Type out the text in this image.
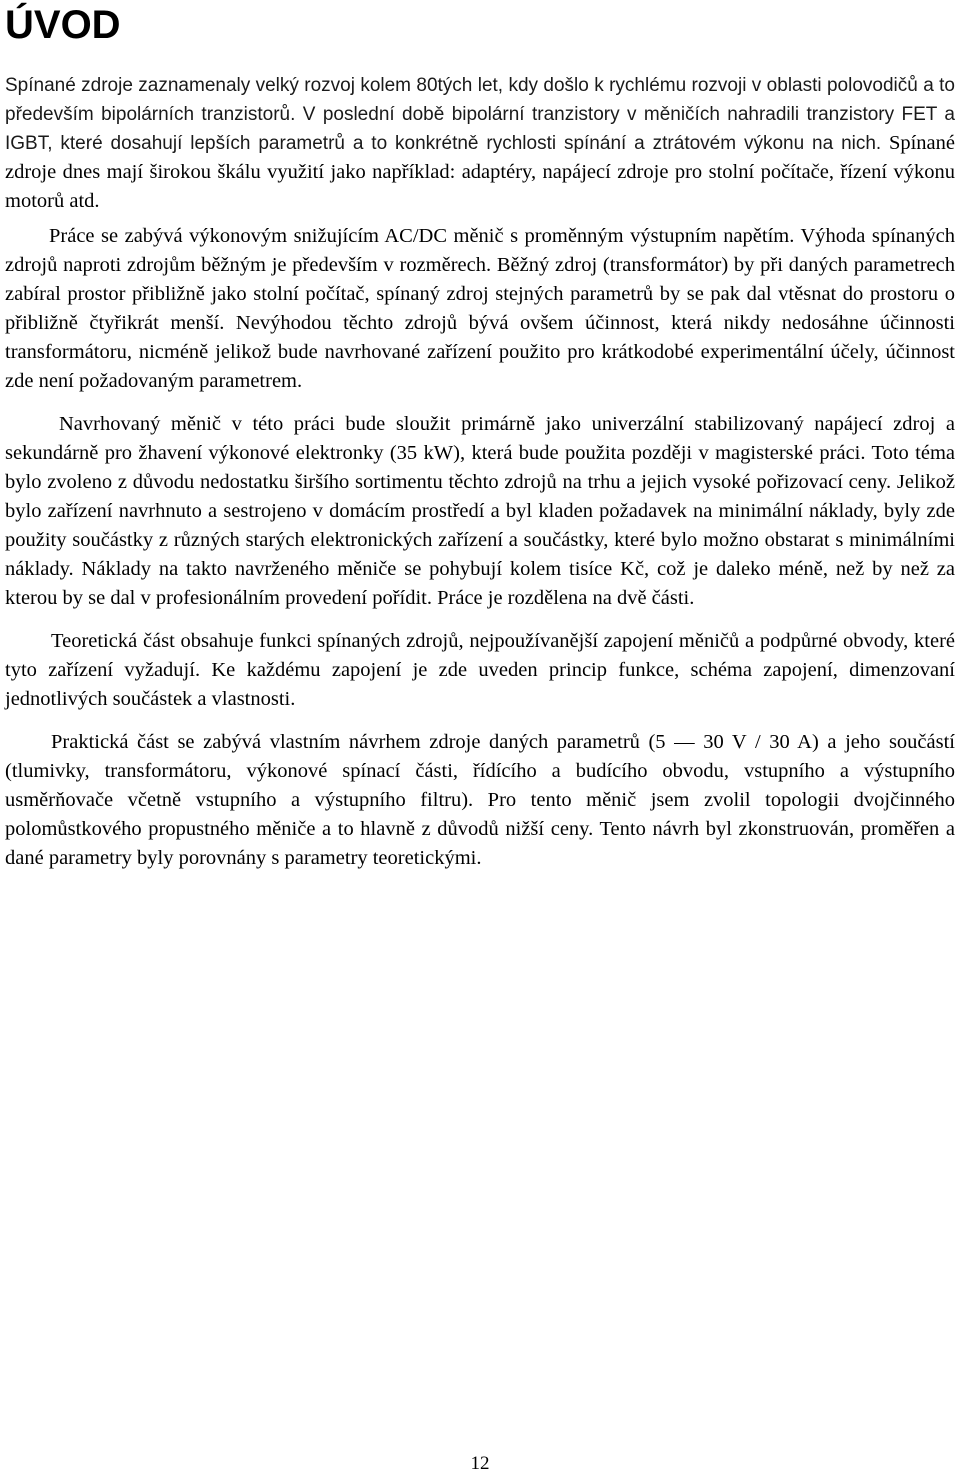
ÚVOD

Spínané zdroje zaznamenaly velký rozvoj kolem 80tých let, kdy došlo k rychlému rozvoji v oblasti polovodičů a to především bipolárních tranzistorů. V poslední době bipolární tranzistory v měničích nahradili tranzistory FET a IGBT, které dosahují lepších parametrů a to konkrétně rychlosti spínání a ztrátovém výkonu na nich. Spínané zdroje dnes mají širokou škálu využití jako například: adaptéry, napájecí zdroje pro stolní počítače, řízení výkonu motorů atd.

Práce se zabývá výkonovým snižujícím AC/DC měnič s proměnným výstupním napětím. Výhoda spínaných zdrojů naproti zdrojům běžným je především v rozměrech. Běžný zdroj (transformátor) by při daných parametrech zabíral prostor přibližně jako stolní počítač, spínaný zdroj stejných parametrů by se pak dal vtěsnat do prostoru o přibližně čtyřikrát menší. Nevýhodou těchto zdrojů bývá ovšem účinnost, která nikdy nedosáhne účinnosti transformátoru, nicméně jelikož bude navrhované zařízení použito pro krátkodobé experimentální účely, účinnost zde není požadovaným parametrem.

Navrhovaný měnič v této práci bude sloužit primárně jako univerzální stabilizovaný napájecí zdroj a sekundárně pro žhavení výkonové elektronky (35 kW), která bude použita později v magisterské práci. Toto téma bylo zvoleno z důvodu nedostatku širšího sortimentu těchto zdrojů na trhu a jejich vysoké pořizovací ceny. Jelikož bylo zařízení navrhnuto a sestrojeno v domácím prostředí a byl kladen požadavek na minimální náklady, byly zde použity součástky z různých starých elektronických zařízení a součástky, které bylo možno obstarat s minimálními náklady. Náklady na takto navrženého měniče se pohybují kolem tisíce Kč, což je daleko méně, než by než za kterou by se dal v profesionálním provedení pořídit. Práce je rozdělena na dvě části.

Teoretická část obsahuje funkci spínaných zdrojů, nejpoužívanější zapojení měničů a podpůrné obvody, které tyto zařízení vyžadují. Ke každému zapojení je zde uveden princip funkce, schéma zapojení, dimenzovaní jednotlivých součástek a vlastnosti.

Praktická část se zabývá vlastním návrhem zdroje daných parametrů (5 — 30 V / 30 A) a jeho součástí (tlumivky, transformátoru, výkonové spínací části, řídícího a budícího obvodu, vstupního a výstupního usměrňovače včetně vstupního a výstupního filtru). Pro tento měnič jsem zvolil topologii dvojčinného polomůstkového propustného měniče a to hlavně z důvodů nižší ceny. Tento návrh byl zkonstruován, proměřen a dané parametry byly porovnány s parametry teoretickými.

12
